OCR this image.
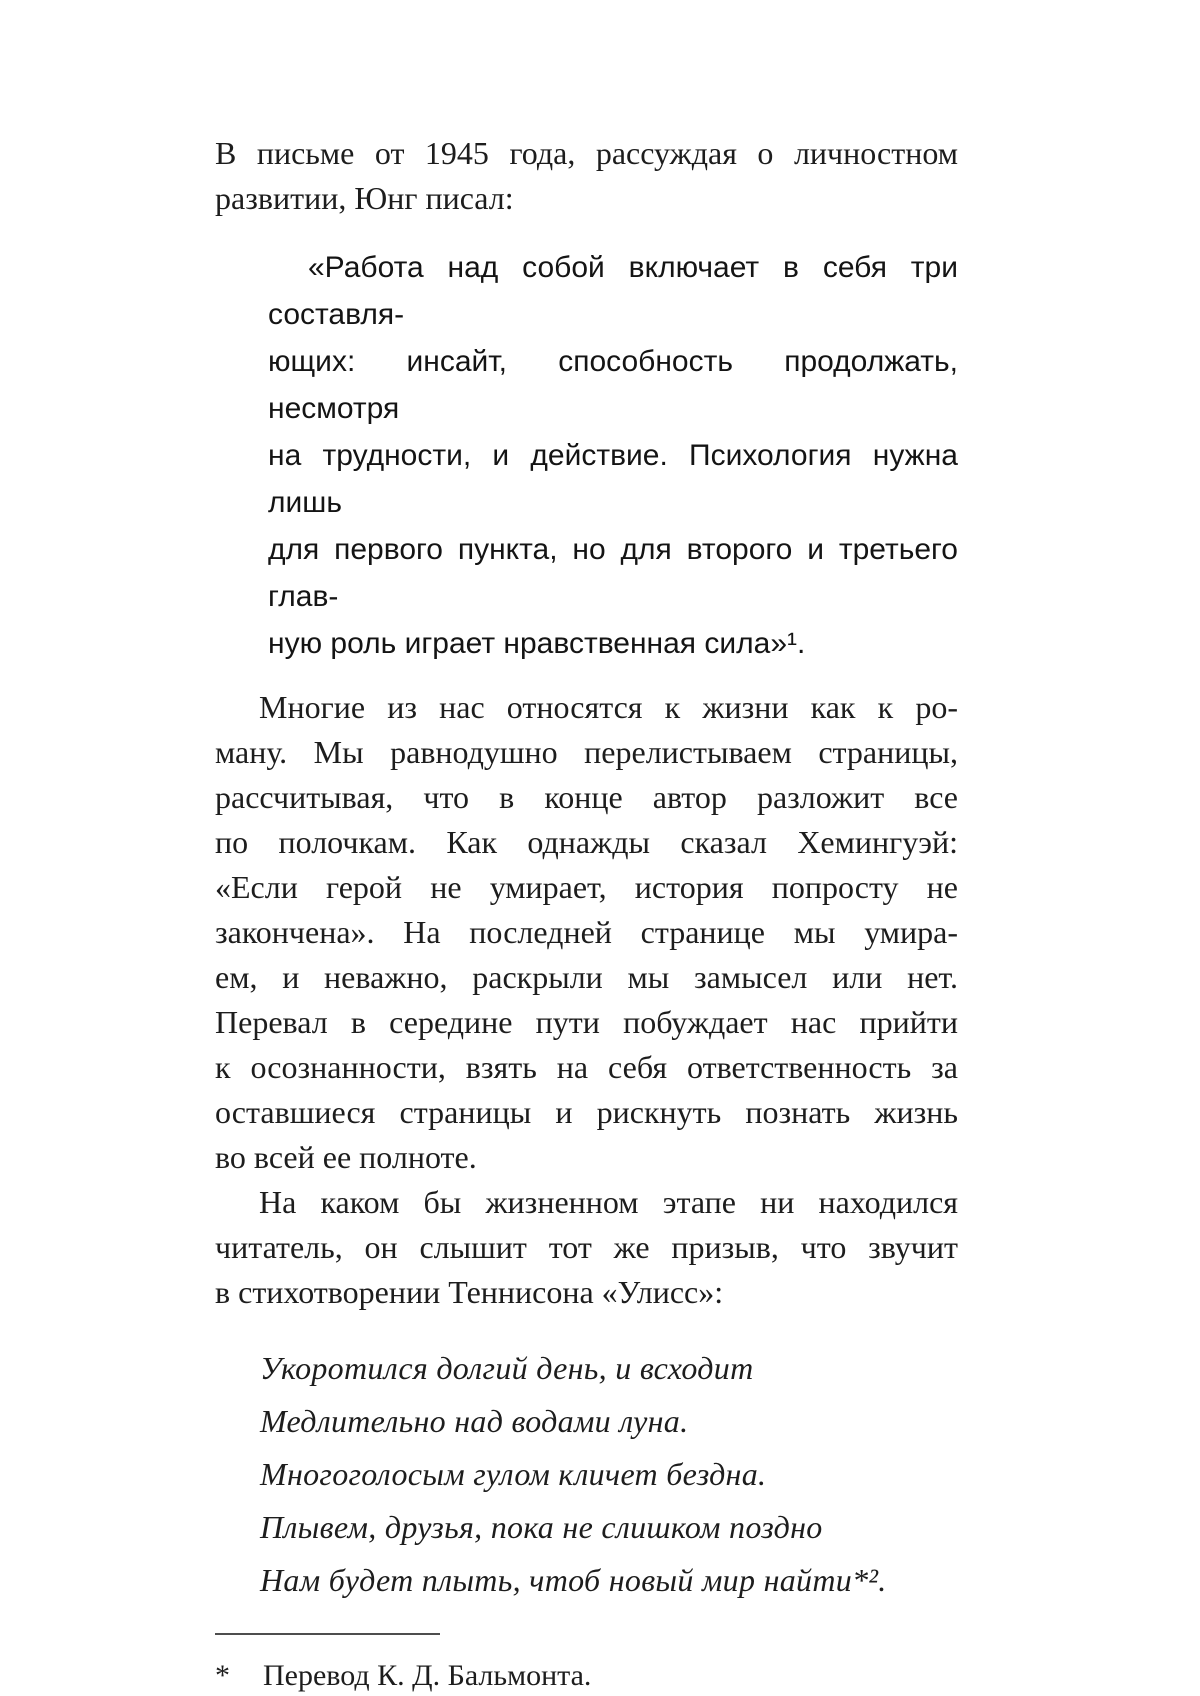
В письме от 1945 года, рассуждая о личностном
развитии, Юнг писал:
«Работа над собой включает в себя три составля-
ющих: инсайт, способность продолжать, несмотря
на трудности, и действие. Психология нужна лишь
для первого пункта, но для второго и третьего глав-
ную роль играет нравственная сила»¹.
Многие из нас относятся к жизни как к ро-
ману. Мы равнодушно перелистываем страницы,
рассчитывая, что в конце автор разложит все
по полочкам. Как однажды сказал Хемингуэй:
«Если герой не умирает, история попросту не
закончена». На последней странице мы умира-
ем, и неважно, раскрыли мы замысел или нет.
Перевал в середине пути побуждает нас прийти
к осознанности, взять на себя ответственность за
оставшиеся страницы и рискнуть познать жизнь
во всей ее полноте.
На каком бы жизненном этапе ни находился
читатель, он слышит тот же призыв, что звучит
в стихотворении Теннисона «Улисс»:
Укоротился долгий день, и всходит
Медлительно над водами луна.
Многоголосым гулом кличет бездна.
Плывем, друзья, пока не слишком поздно
Нам будет плыть, чтоб новый мир найти*².
*	Перевод К. Д. Бальмонта.
